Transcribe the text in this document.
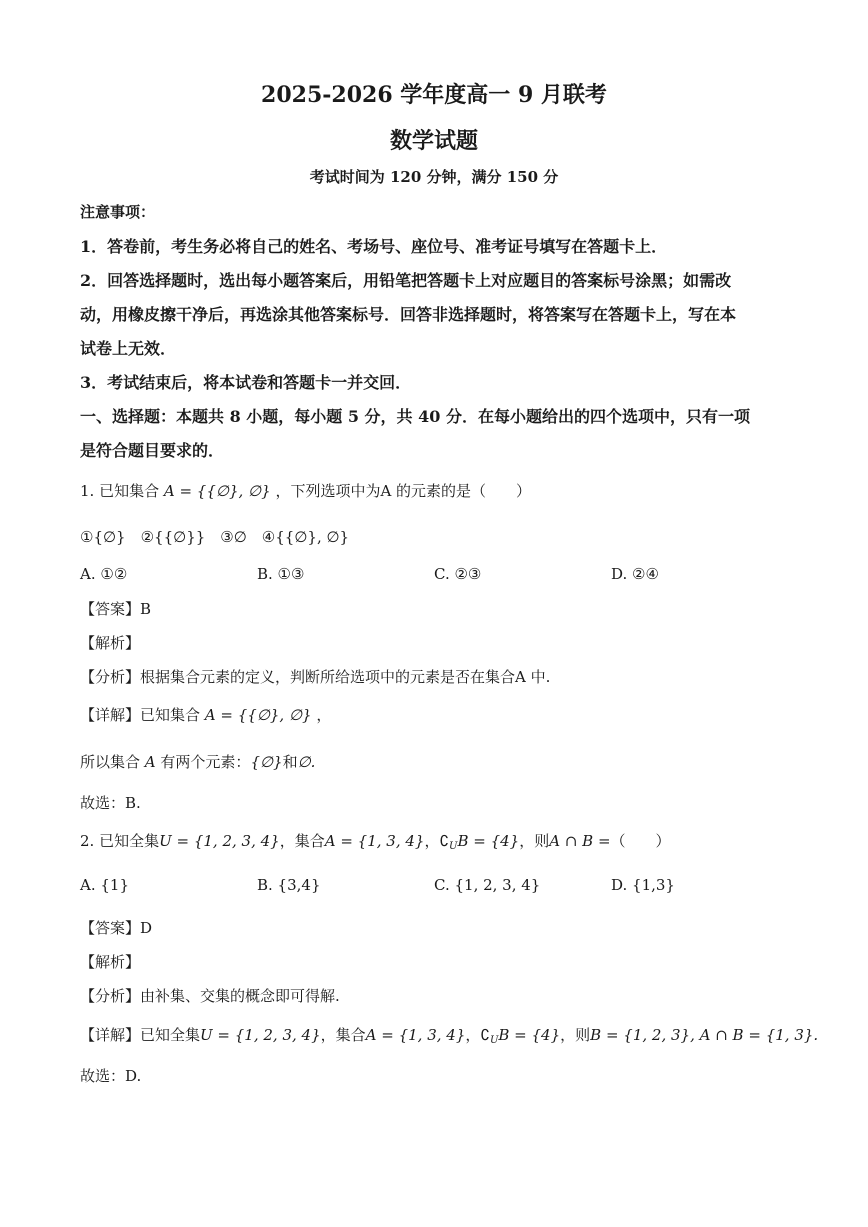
2025-2026 学年度高一 9 月联考
数学试题
考试时间为 120 分钟，满分 150 分
注意事项：
1．答卷前，考生务必将自己的姓名、考场号、座位号、准考证号填写在答题卡上．
2．回答选择题时，选出每小题答案后，用铅笔把答题卡上对应题目的答案标号涂黑；如需改
动，用橡皮擦干净后，再选涂其他答案标号．回答非选择题时，将答案写在答题卡上，写在本
试卷上无效．
3．考试结束后，将本试卷和答题卡一并交回．
一、选择题：本题共 8 小题，每小题 5 分，共 40 分．在每小题给出的四个选项中，只有一项
是符合题目要求的．
1. 已知集合 A = {{∅}, ∅} ，下列选项中为A 的元素的是（　　）
①{∅}　②{{∅}}　③∅　④{{∅}, ∅}
A. ①②	B. ①③	C. ②③	D. ②④
【答案】B
【解析】
【分析】根据集合元素的定义，判断所给选项中的元素是否在集合A 中.
【详解】已知集合 A = {{∅}, ∅} ，
所以集合 A 有两个元素：{∅}和∅.
故选：B.
2. 已知全集U = {1, 2, 3, 4}，集合A = {1, 3, 4}，$∁_UB = \{4\}$，则A ∩ B =（　　）
A. {1}	B. {3,4}	C. {1, 2, 3, 4}	D. {1,3}
【答案】D
【解析】
【分析】由补集、交集的概念即可得解.
【详解】已知全集U = {1, 2, 3, 4}，集合A = {1, 3, 4}，$∁_UB = \{4\}$，则B = {1, 2, 3}, A ∩ B = {1, 3}.
故选：D.
